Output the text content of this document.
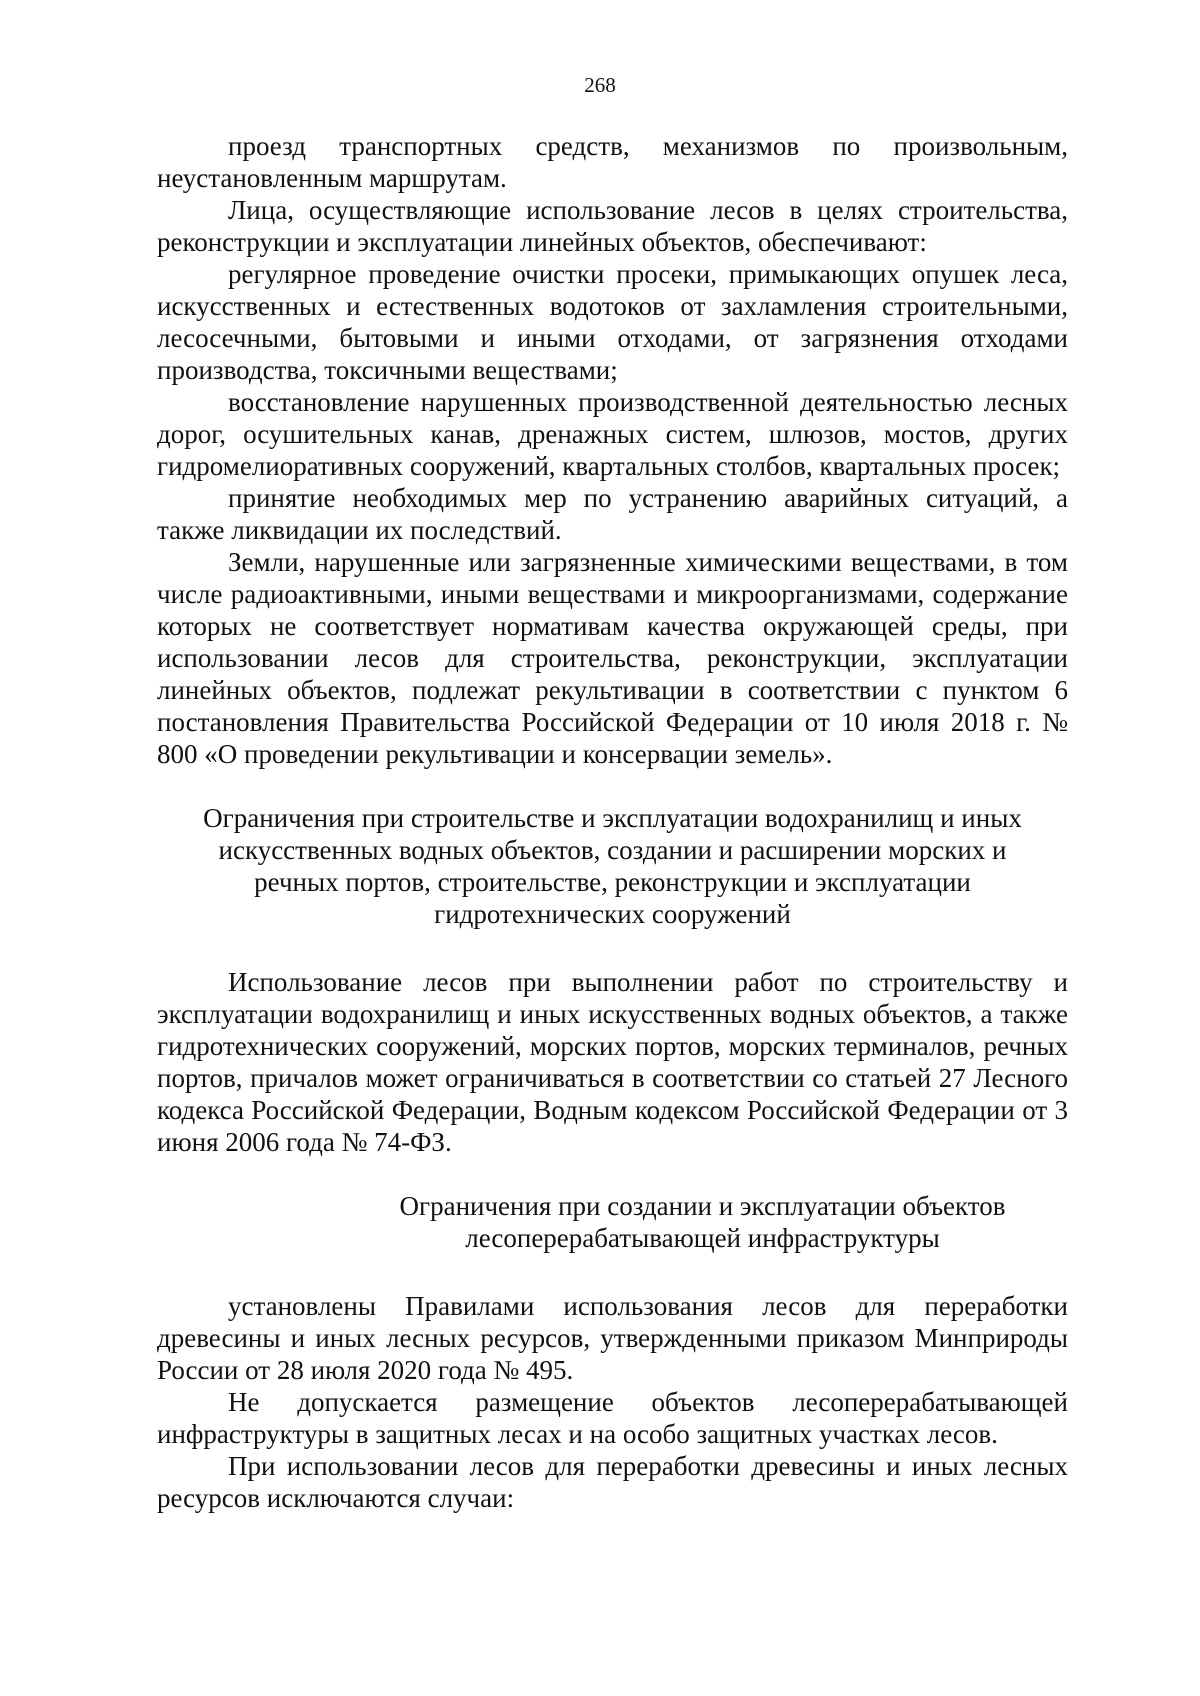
268

проезд транспортных средств, механизмов по произвольным, неустановленным маршрутам.

Лица, осуществляющие использование лесов в целях строительства, реконструкции и эксплуатации линейных объектов, обеспечивают:

регулярное проведение очистки просеки, примыкающих опушек леса, искусственных и естественных водотоков от захламления строительными, лесосечными, бытовыми и иными отходами, от загрязнения отходами производства, токсичными веществами;

восстановление нарушенных производственной деятельностью лесных дорог, осушительных канав, дренажных систем, шлюзов, мостов, других гидромелиоративных сооружений, квартальных столбов, квартальных просек;

принятие необходимых мер по устранению аварийных ситуаций, а также ликвидации их последствий.

Земли, нарушенные или загрязненные химическими веществами, в том числе радиоактивными, иными веществами и микроорганизмами, содержание которых не соответствует нормативам качества окружающей среды, при использовании лесов для строительства, реконструкции, эксплуатации линейных объектов, подлежат рекультивации в соответствии с пунктом 6 постановления Правительства Российской Федерации от 10 июля 2018 г. № 800 «О проведении рекультивации и консервации земель».

Ограничения при строительстве и эксплуатации водохранилищ и иных

искусственных водных объектов, создании и расширении морских и

речных портов, строительстве, реконструкции и эксплуатации

гидротехнических сооружений

Использование лесов при выполнении работ по строительству и эксплуатации водохранилищ и иных искусственных водных объектов, а также гидротехнических сооружений, морских портов, морских терминалов, речных портов, причалов может ограничиваться в соответствии со статьей 27 Лесного кодекса Российской Федерации, Водным кодексом Российской Федерации от 3 июня 2006 года № 74-ФЗ.

Ограничения при создании и эксплуатации объектов

лесоперерабатывающей инфраструктуры

установлены Правилами использования лесов для переработки древесины и иных лесных ресурсов, утвержденными приказом Минприроды России от 28 июля 2020 года № 495.

Не допускается размещение объектов лесоперерабатывающей инфраструктуры в защитных лесах и на особо защитных участках лесов.

При использовании лесов для переработки древесины и иных лесных ресурсов исключаются случаи:
